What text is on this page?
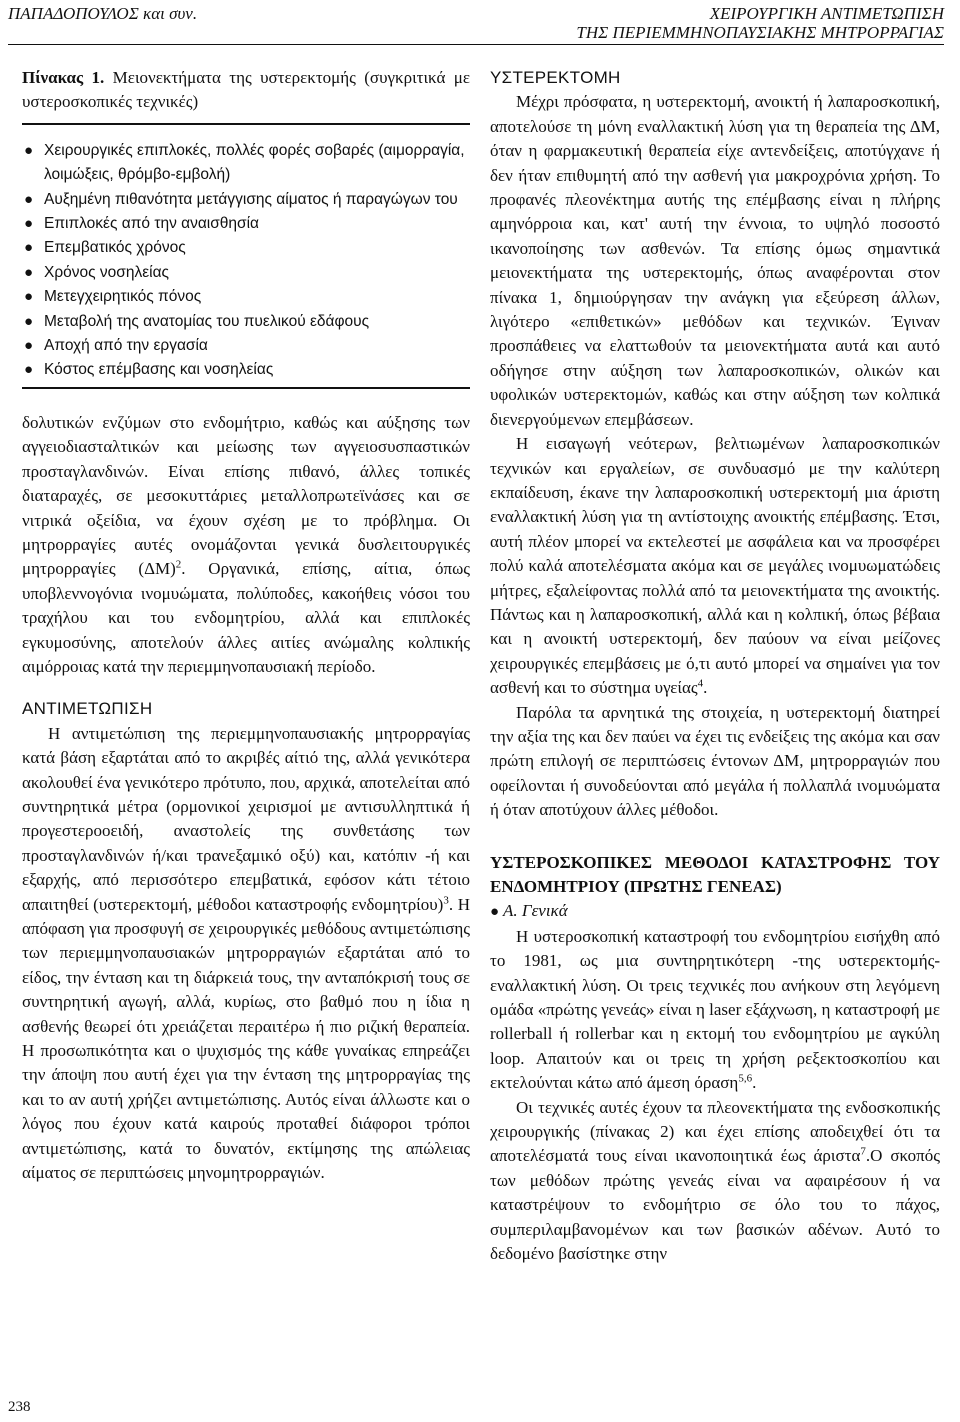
ΠΑΠΑΔΟΠΟΥΛΟΣ και συν.	ΧΕΙΡΟΥΡΓΙΚΗ ΑΝΤΙΜΕΤΩΠΙΣΗ
ΤΗΣ ΠΕΡΙΕΜΜΗΝΟΠΑΥΣΙΑΚΗΣ ΜΗΤΡΟΡΡΑΓΙΑΣ

Πίνακας 1. Μειονεκτήματα της υστερεκτομής (συγκριτικά με υστεροσκοπικές τεχνικές)

● Χειρουργικές επιπλοκές, πολλές φορές σοβαρές (αιμορραγία, λοιμώξεις, θρόμβο-εμβολή)
● Αυξημένη πιθανότητα μετάγγισης αίματος ή παραγώγων του
● Επιπλοκές από την αναισθησία
● Επεμβατικός χρόνος
● Χρόνος νοσηλείας
● Μετεγχειρητικός πόνος
● Μεταβολή της ανατομίας του πυελικού εδάφους
● Αποχή από την εργασία
● Κόστος επέμβασης και νοσηλείας

δολυτικών ενζύμων στο ενδομήτριο, καθώς και αύξησης των αγγειοδιασταλτικών και μείωσης των αγγειοσυσπαστικών προσταγλανδινών. Είναι επίσης πιθανό, άλλες τοπικές διαταραχές, σε μεσοκυττάριες μεταλλοπρωτεϊνάσες και σε νιτρικά οξείδια, να έχουν σχέση με το πρόβλημα. Οι μητρορραγίες αυτές ονομάζονται γενικά δυσλειτουργικές μητρορραγίες $(\Delta M)^2$. Οργανικά, επίσης, αίτια, όπως υποβλεννογόνια ινομυώματα, πολύποδες, κακοήθεις νόσοι του τραχήλου και του ενδομητρίου, αλλά και επιπλοκές εγκυμοσύνης, αποτελούν άλλες αιτίες ανώμαλης κολπικής αιμόρροιας κατά την περιεμμηνοπαυσιακή περίοδο.

ΑΝΤΙΜΕΤΩΠΙΣΗ

Η αντιμετώπιση της περιεμμηνοπαυσιακής μητρορραγίας κατά βάση εξαρτάται από το ακριβές αίτιό της, αλλά γενικότερα ακολουθεί ένα γενικότερο πρότυπο, που, αρχικά, αποτελείται από συντηρητικά μέτρα (ορμονικοί χειρισμοί με αντισυλληπτικά ή προγεστεροοειδή, αναστολείς της συνθετάσης των προσταγλανδινών ή/και τρανεξαμικό οξύ) και, κατόπιν -ή και εξαρχής, από περισσότερο επεμβατικά, εφόσον κάτι τέτοιο απαιτηθεί (υστερεκτομή, μέθοδοι καταστροφής ενδομητρίου)$^3$. Η απόφαση για προσφυγή σε χειρουργικές μεθόδους αντιμετώπισης των περιεμμηνοπαυσιακών μητρορραγιών εξαρτάται από το είδος, την ένταση και τη διάρκειά τους, την ανταπόκρισή τους σε συντηρητική αγωγή, αλλά, κυρίως, στο βαθμό που η ίδια η ασθενής θεωρεί ότι χρειάζεται περαιτέρω ή πιο ριζική θεραπεία. Η προσωπικότητα και ο ψυχισμός της κάθε γυναίκας επηρεάζει την άποψη που αυτή έχει για την ένταση της μητρορραγίας της και το αν αυτή χρήζει αντιμετώπισης. Αυτός είναι άλλωστε και ο λόγος που έχουν κατά καιρούς προταθεί διάφοροι τρόποι αντιμετώπισης, κατά το δυνατόν, εκτίμησης της απώλειας αίματος σε περιπτώσεις μηνομητρορραγιών.

ΥΣΤΕΡΕΚΤΟΜΗ

Μέχρι πρόσφατα, η υστερεκτομή, ανοικτή ή λαπαροσκοπική, αποτελούσε τη μόνη εναλλακτική λύση για τη θεραπεία της ΔΜ, όταν η φαρμακευτική θεραπεία είχε αντενδείξεις, αποτύγχανε ή δεν ήταν επιθυμητή από την ασθενή για μακροχρόνια χρήση. Το προφανές πλεονέκτημα αυτής της επέμβασης είναι η πλήρης αμηνόρροια και, κατ' αυτή την έννοια, το υψηλό ποσοστό ικανοποίησης των ασθενών. Τα επίσης όμως σημαντικά μειονεκτήματα της υστερεκτομής, όπως αναφέρονται στον πίνακα 1, δημιούργησαν την ανάγκη για εξεύρεση άλλων, λιγότερο «επιθετικών» μεθόδων και τεχνικών. Έγιναν προσπάθειες να ελαττωθούν τα μειονεκτήματα αυτά και αυτό οδήγησε στην αύξηση των λαπαροσκοπικών, ολικών και υφολικών υστερεκτομών, καθώς και στην αύξηση των κολπικά διενεργούμενων επεμβάσεων.

Η εισαγωγή νεότερων, βελτιωμένων λαπαροσκοπικών τεχνικών και εργαλείων, σε συνδυασμό με την καλύτερη εκπαίδευση, έκανε την λαπαροσκοπική υστερεκτομή μια άριστη εναλλακτική λύση για τη αντίστοιχης ανοικτής επέμβασης. Έτσι, αυτή πλέον μπορεί να εκτελεστεί με ασφάλεια και να προσφέρει πολύ καλά αποτελέσματα ακόμα και σε μεγάλες ινομυωματώδεις μήτρες, εξαλείφοντας πολλά από τα μειονεκτήματα της ανοικτής. Πάντως και η λαπαροσκοπική, αλλά και η κολπική, όπως βέβαια και η ανοικτή υστερεκτομή, δεν παύουν να είναι μείζονες χειρουργικές επεμβάσεις με ό,τι αυτό μπορεί να σημαίνει για τον ασθενή και το σύστημα υγείας$^4$.

Παρόλα τα αρνητικά της στοιχεία, η υστερεκτομή διατηρεί την αξία της και δεν παύει να έχει τις ενδείξεις της ακόμα και σαν πρώτη επιλογή σε περιπτώσεις έντονων ΔΜ, μητρορραγιών που οφείλονται ή συνοδεύονται από μεγάλα ή πολλαπλά ινομυώματα ή όταν αποτύχουν άλλες μέθοδοι.

ΥΣΤΕΡΟΣΚΟΠΙΚΕΣ ΜΕΘΟΔΟΙ ΚΑΤΑΣΤΡΟΦΗΣ ΤΟΥ ΕΝΔΟΜΗΤΡΙΟΥ (ΠΡΩΤΗΣ ΓΕΝΕΑΣ)

● Α. Γενικά

Η υστεροσκοπική καταστροφή του ενδομητρίου εισήχθη από το 1981, ως μια συντηρητικότερη -της υστερεκτομής- εναλλακτική λύση. Οι τρεις τεχνικές που ανήκουν στη λεγόμενη ομάδα «πρώτης γενεάς» είναι η laser εξάχνωση, η καταστροφή με rollerball ή rollerbar και η εκτομή του ενδομητρίου με αγκύλη loop. Απαιτούν και οι τρεις τη χρήση ρεξεκτοσκοπίου και εκτελούνται κάτω από άμεση όραση$^{5,6}$.

Οι τεχνικές αυτές έχουν τα πλεονεκτήματα της ενδοσκοπικής χειρουργικής (πίνακας 2) και έχει επίσης αποδειχθεί ότι τα αποτελέσματά τους είναι ικανοποιητικά έως άριστα$^7$.Ο σκοπός των μεθόδων πρώτης γενεάς είναι να αφαιρέσουν ή να καταστρέψουν το ενδομήτριο σε όλο του το πάχος, συμπεριλαμβανομένων και των βασικών αδένων. Αυτό το δεδομένο βασίστηκε στην

238
